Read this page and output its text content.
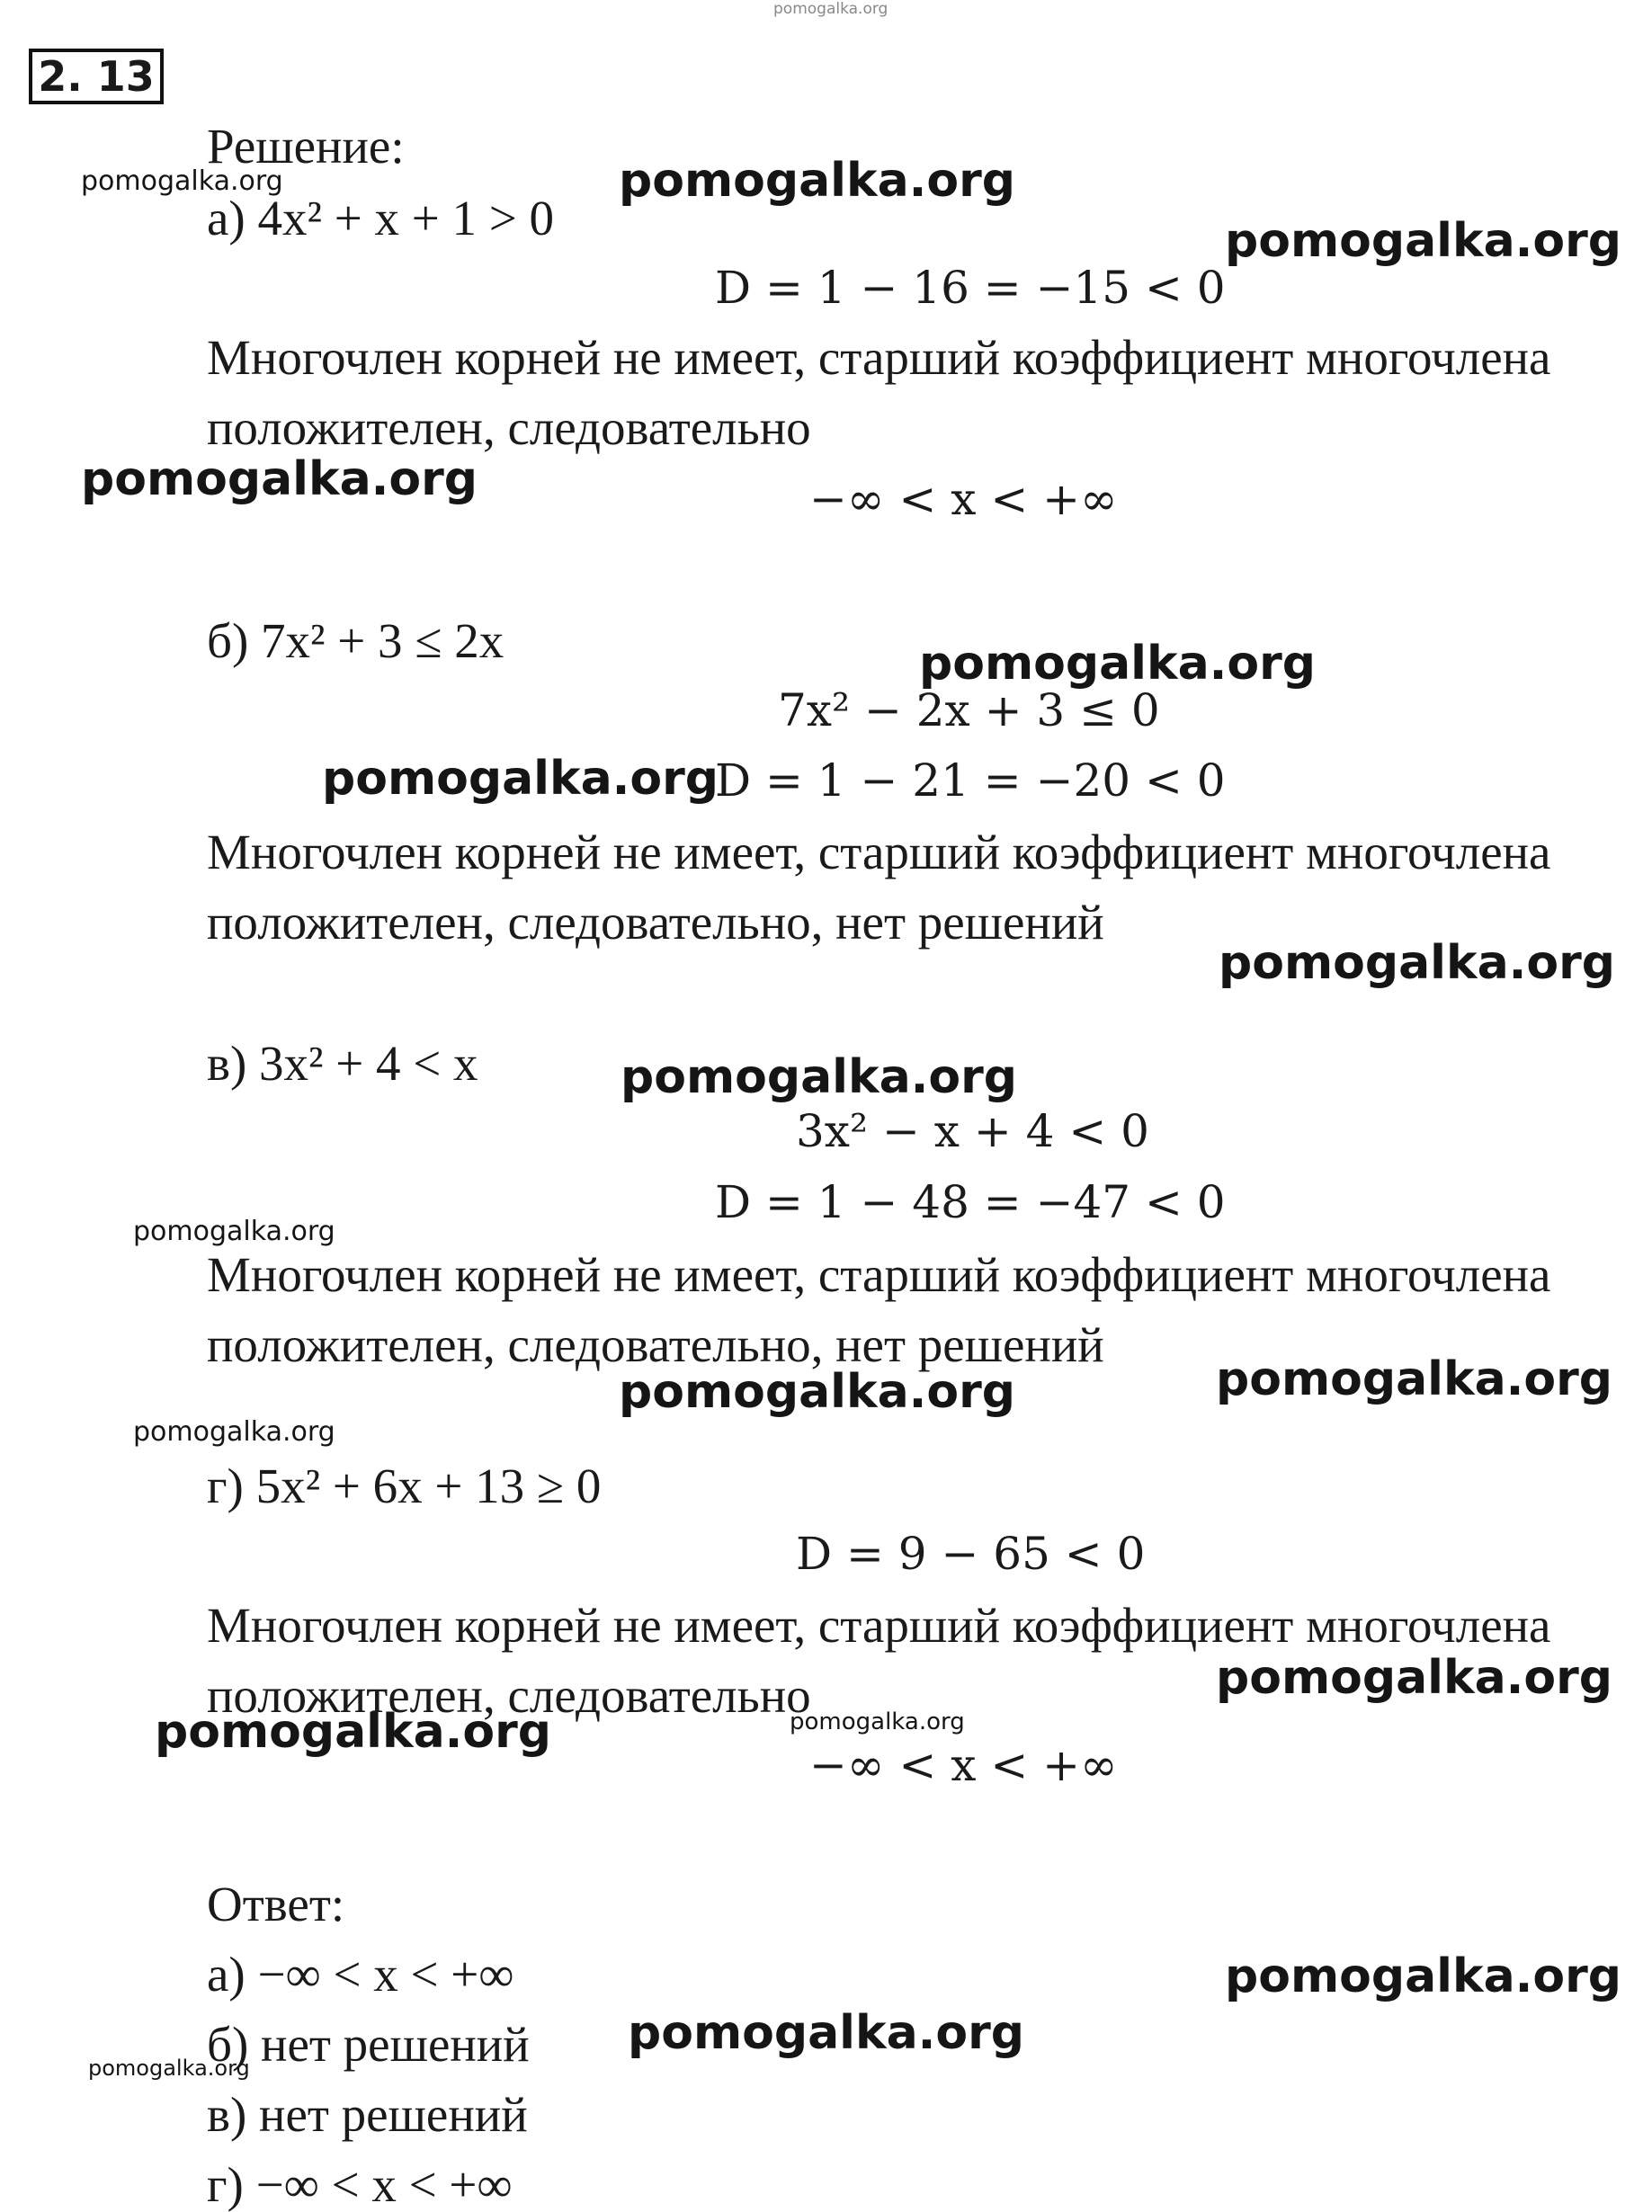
2. 13
Решение:
а) 4x² + x + 1 > 0
D = 1 − 16 = −15 < 0
Многочлен корней не имеет, старший коэффициент многочлена
положителен, следовательно
−∞ < x < +∞
б) 7x² + 3 ≤ 2x
7x² − 2x + 3 ≤ 0
D = 1 − 21 = −20 < 0
Многочлен корней не имеет, старший коэффициент многочлена
положителен, следовательно, нет решений
в) 3x² + 4 < x
3x² − x + 4 < 0
D = 1 − 48 = −47 < 0
Многочлен корней не имеет, старший коэффициент многочлена
положителен, следовательно, нет решений
г) 5x² + 6x + 13 ≥ 0
D = 9 − 65 < 0
Многочлен корней не имеет, старший коэффициент многочлена
положителен, следовательно
−∞ < x < +∞
Ответ:
а) −∞ < x < +∞
б) нет решений
в) нет решений
г) −∞ < x < +∞
pomogalka.org
pomogalka.org	pomogalka.org
pomogalka.org
pomogalka.org
pomogalka.org
pomogalka.org
pomogalka.org
pomogalka.org
pomogalka.org
pomogalka.org
pomogalka.org
pomogalka.org
pomogalka.org
pomogalka.org	pomogalka.org
pomogalka.org
pomogalka.org
pomogalka.org
